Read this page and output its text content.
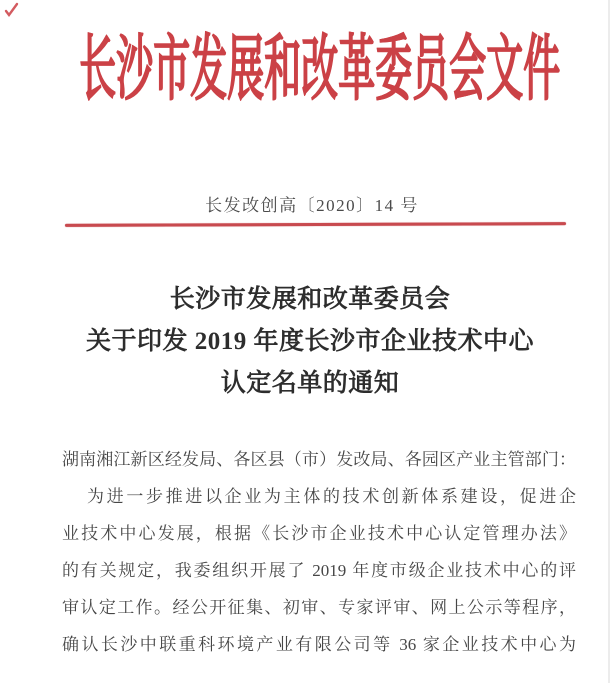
长沙市发展和改革委员会文件
长发改创高〔2020〕14 号
长沙市发展和改革委员会
关于印发 2019 年度长沙市企业技术中心
认定名单的通知
湖南湘江新区经发局、各区县（市）发改局、各园区产业主管部门：
为进一步推进以企业为主体的技术创新体系建设，促进企
业技术中心发展，根据《长沙市企业技术中心认定管理办法》
的有关规定，我委组织开展了 2019 年度市级企业技术中心的评
审认定工作。经公开征集、初审、专家评审、网上公示等程序，
确认长沙中联重科环境产业有限公司等 36 家企业技术中心为
